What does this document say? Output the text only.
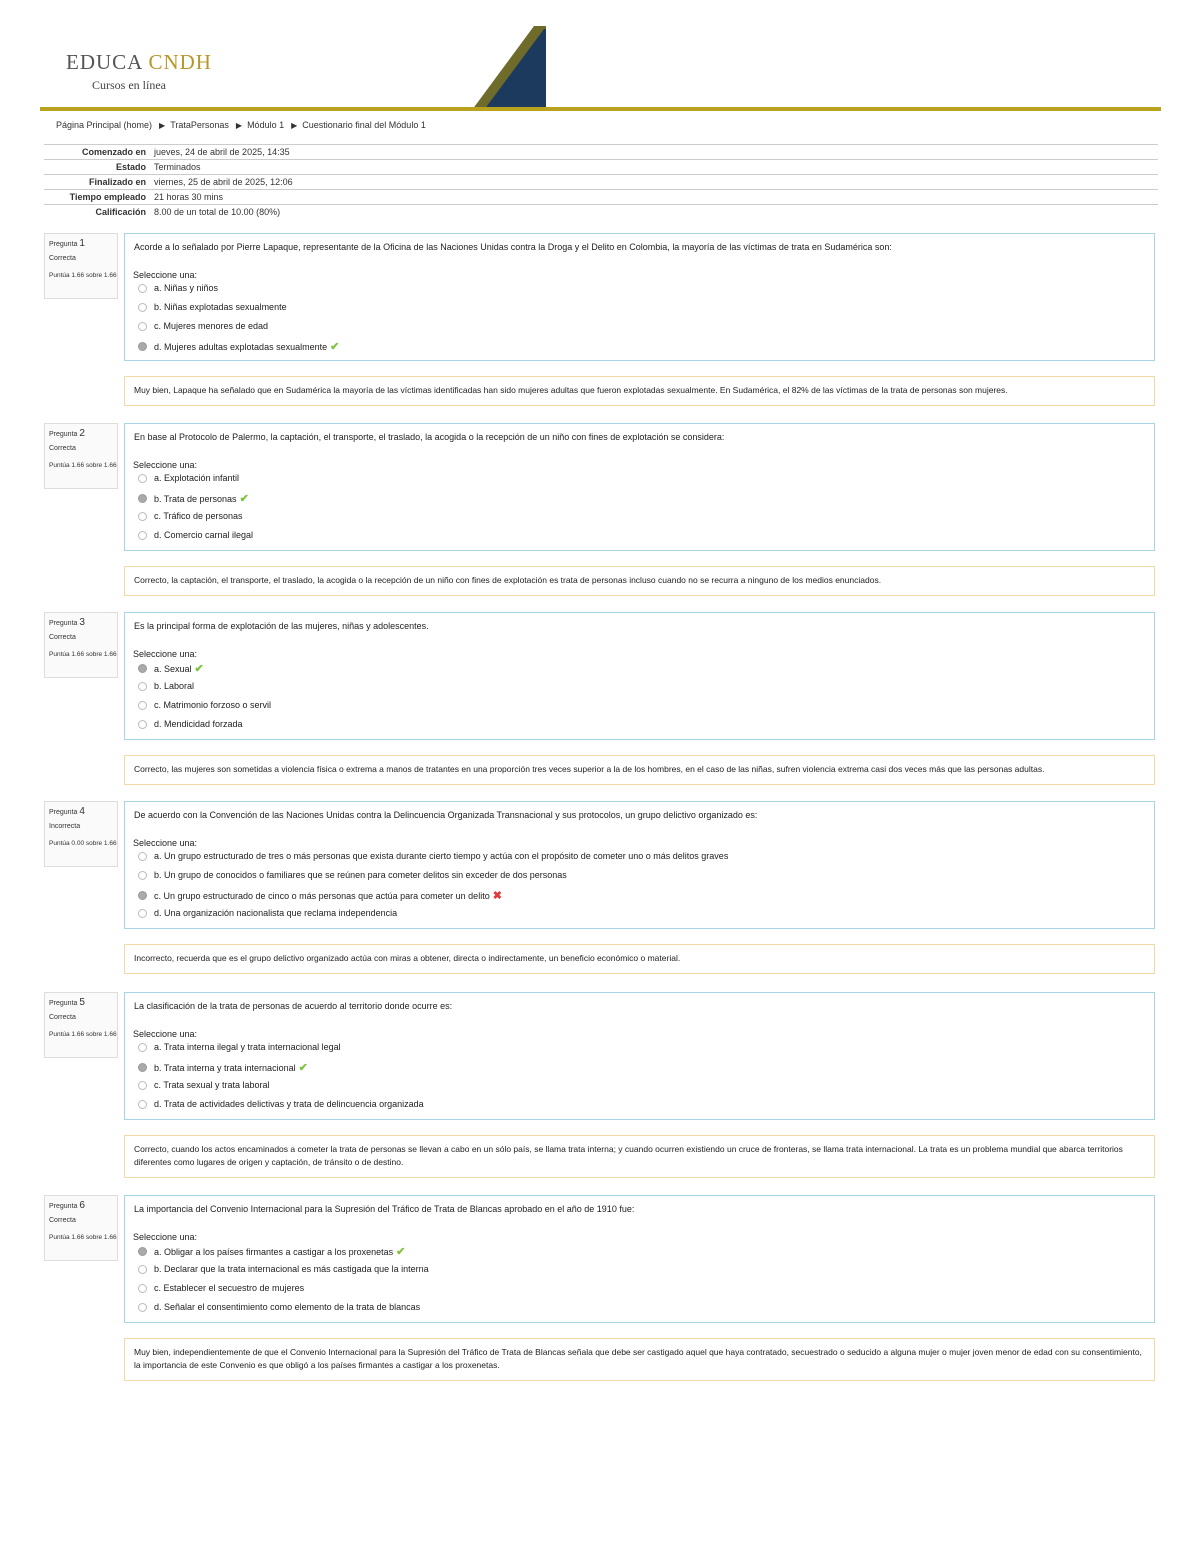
EDUCA CNDH
Cursos en línea
Página Principal (home) ▶ TrataPersonas ▶ Módulo 1 ▶ Cuestionario final del Módulo 1
Comenzado en jueves, 24 de abril de 2025, 14:35
Estado Terminados
Finalizado en viernes, 25 de abril de 2025, 12:06
Tiempo empleado 21 horas 30 mins
Calificación 8.00 de un total de 10.00 (80%)
Pregunta 1
Correcta
Puntúa 1.66 sobre 1.66
Acorde a lo señalado por Pierre Lapaque, representante de la Oficina de las Naciones Unidas contra la Droga y el Delito en Colombia, la mayoría de las víctimas de trata en Sudamérica son:
Seleccione una:
a. Niñas y niños
b. Niñas explotadas sexualmente
c. Mujeres menores de edad
d. Mujeres adultas explotadas sexualmente ✔
Muy bien, Lapaque ha señalado que en Sudamérica la mayoría de las víctimas identificadas han sido mujeres adultas que fueron explotadas sexualmente. En Sudamérica, el 82% de las víctimas de la trata de personas son mujeres.
Pregunta 2
Correcta
Puntúa 1.66 sobre 1.66
En base al Protocolo de Palermo, la captación, el transporte, el traslado, la acogida o la recepción de un niño con fines de explotación se considera:
Seleccione una:
a. Explotación infantil
b. Trata de personas ✔
c. Tráfico de personas
d. Comercio carnal ilegal
Correcto, la captación, el transporte, el traslado, la acogida o la recepción de un niño con fines de explotación es trata de personas incluso cuando no se recurra a ninguno de los medios enunciados.
Pregunta 3
Correcta
Puntúa 1.66 sobre 1.66
Es la principal forma de explotación de las mujeres, niñas y adolescentes.
Seleccione una:
a. Sexual ✔
b. Laboral
c. Matrimonio forzoso o servil
d. Mendicidad forzada
Correcto, las mujeres son sometidas a violencia física o extrema a manos de tratantes en una proporción tres veces superior a la de los hombres, en el caso de las niñas, sufren violencia extrema casi dos veces más que las personas adultas.
Pregunta 4
Incorrecta
Puntúa 0.00 sobre 1.66
De acuerdo con la Convención de las Naciones Unidas contra la Delincuencia Organizada Transnacional y sus protocolos, un grupo delictivo organizado es:
Seleccione una:
a. Un grupo estructurado de tres o más personas que exista durante cierto tiempo y actúa con el propósito de cometer uno o más delitos graves
b. Un grupo de conocidos o familiares que se reúnen para cometer delitos sin exceder de dos personas
c. Un grupo estructurado de cinco o más personas que actúa para cometer un delito ✖
d. Una organización nacionalista que reclama independencia
Incorrecto, recuerda que es el grupo delictivo organizado actúa con miras a obtener, directa o indirectamente, un beneficio económico o material.
Pregunta 5
Correcta
Puntúa 1.66 sobre 1.66
La clasificación de la trata de personas de acuerdo al territorio donde ocurre es:
Seleccione una:
a. Trata interna ilegal y trata internacional legal
b. Trata interna y trata internacional ✔
c. Trata sexual y trata laboral
d. Trata de actividades delictivas y trata de delincuencia organizada
Correcto, cuando los actos encaminados a cometer la trata de personas se llevan a cabo en un sólo país, se llama trata interna; y cuando ocurren existiendo un cruce de fronteras, se llama trata internacional. La trata es un problema mundial que abarca territorios diferentes como lugares de origen y captación, de tránsito o de destino.
Pregunta 6
Correcta
Puntúa 1.66 sobre 1.66
La importancia del Convenio Internacional para la Supresión del Tráfico de Trata de Blancas aprobado en el año de 1910 fue:
Seleccione una:
a. Obligar a los países firmantes a castigar a los proxenetas ✔
b. Declarar que la trata internacional es más castigada que la interna
c. Establecer el secuestro de mujeres
d. Señalar el consentimiento como elemento de la trata de blancas
Muy bien, independientemente de que el Convenio Internacional para la Supresión del Tráfico de Trata de Blancas señala que debe ser castigado aquel que haya contratado, secuestrado o seducido a alguna mujer o mujer joven menor de edad con su consentimiento, la importancia de este Convenio es que obligó a los países firmantes a castigar a los proxenetas.
